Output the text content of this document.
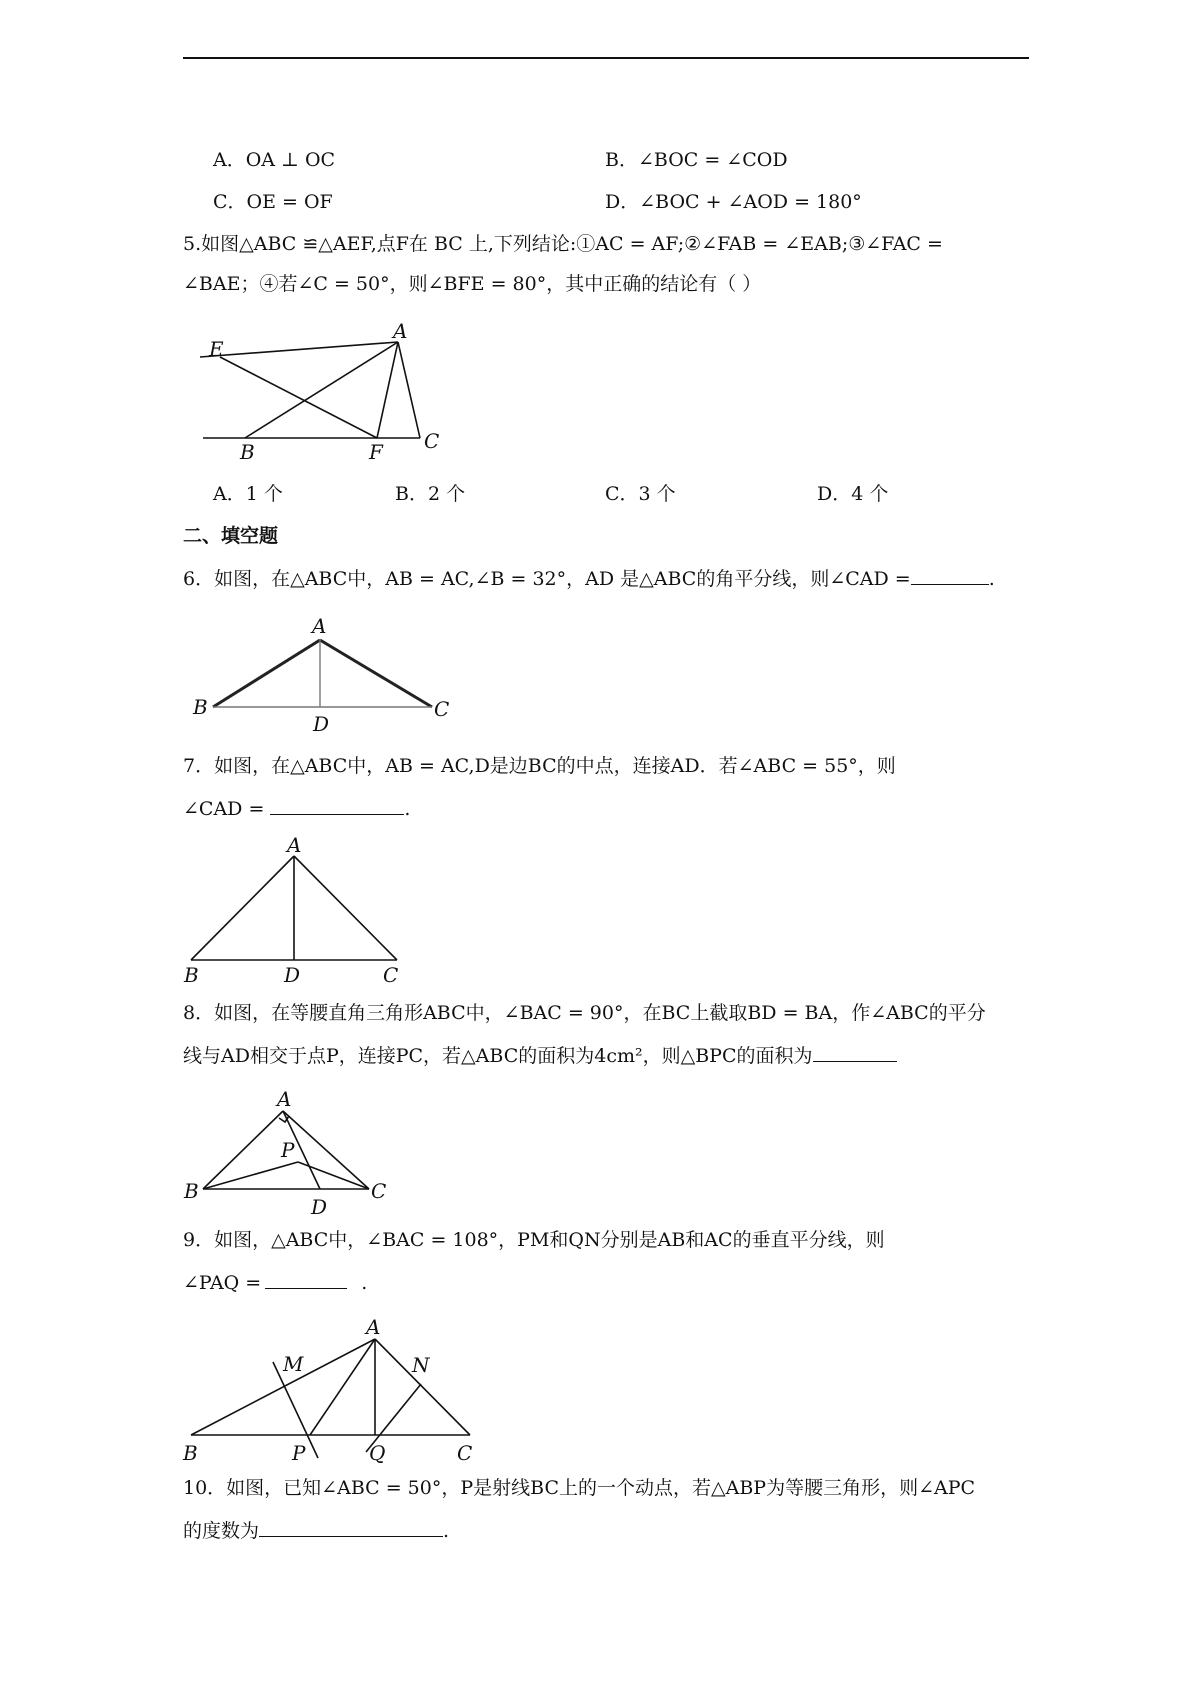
A．OA ⊥ OC	B．∠BOC = ∠COD
C．OE = OF	D．∠BOC + ∠AOD = 180°
5.如图△ABC ≌△AEF,点F在 BC 上,下列结论:①AC = AF;②∠FAB = ∠EAB;③∠FAC =
∠BAE；④若∠C = 50°，则∠BFE = 80°，其中正确的结论有（ ）
E
A
B	F C
A
B	C
D
A
B	D	C
A
P
B	C
D
A
M	N
B	P	Q	C
A．1 个	B．2 个	C．3 个	D．4 个
二、填空题
6．如图，在△ABC中，AB = AC,∠B = 32°，AD 是△ABC的角平分线，则∠CAD =	.
7．如图，在△ABC中，AB = AC,D是边BC的中点，连接AD．若∠ABC = 55°，则
∠CAD =	.
8．如图，在等腰直角三角形ABC中，∠BAC = 90°，在BC上截取BD = BA，作∠ABC的平分
线与AD相交于点P，连接PC，若△ABC的面积为4cm²，则△BPC的面积为
9．如图，△ABC中，∠BAC = 108°，PM和QN分别是AB和AC的垂直平分线，则
∠PAQ =	.
10．如图，已知∠ABC = 50°，P是射线BC上的一个动点，若△ABP为等腰三角形，则∠APC
的度数为	.
